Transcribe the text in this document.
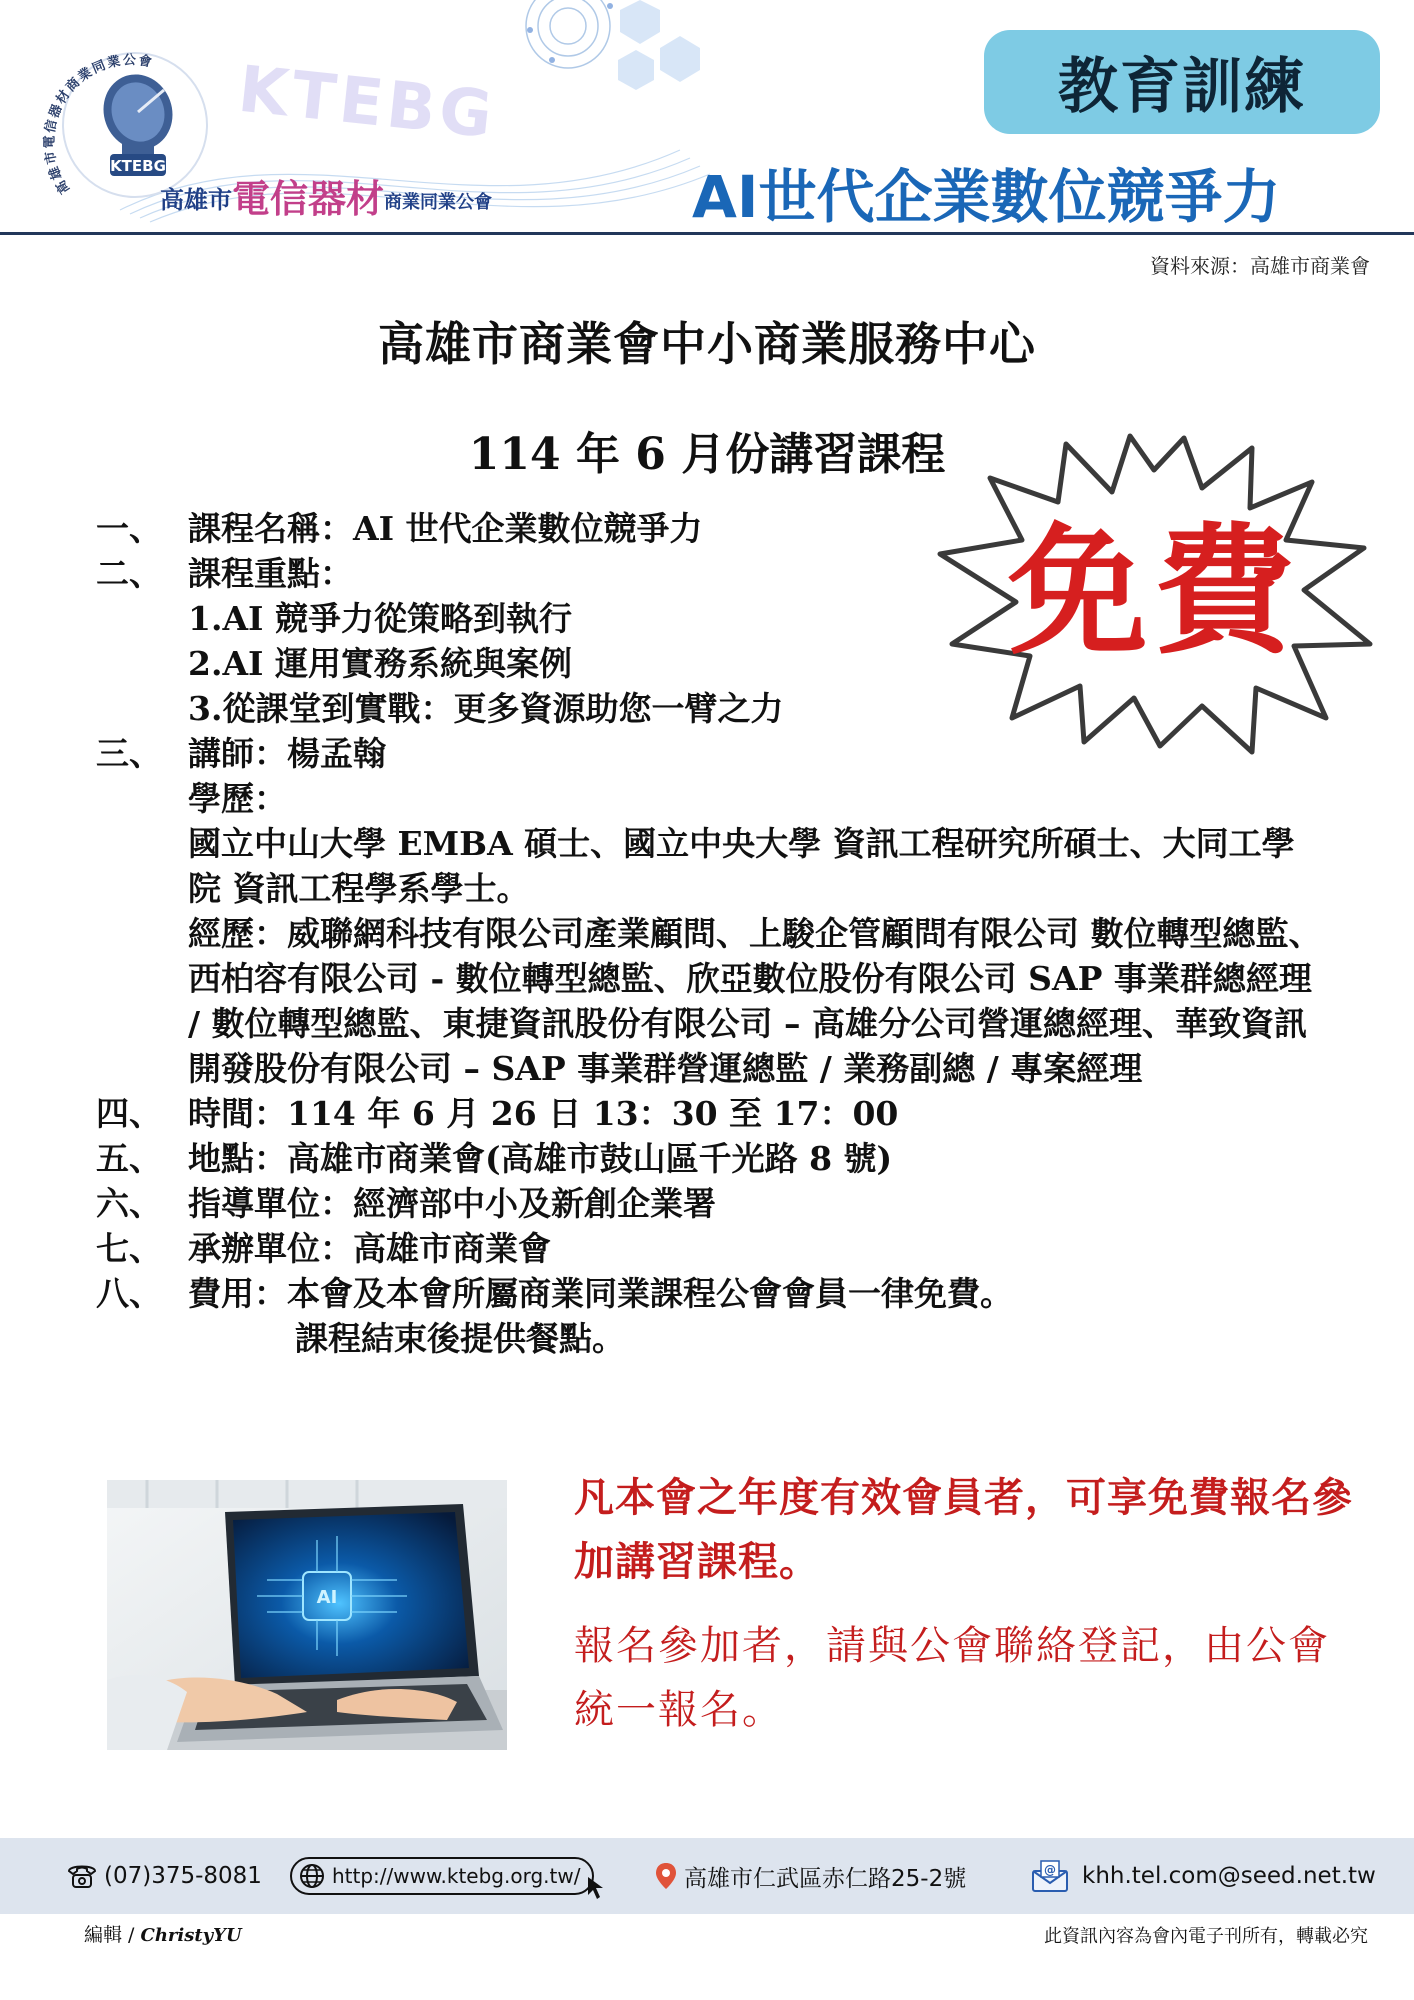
KTEBG
高雄市電信器材商業同業公會 KTEBG
高雄市電信器材商業同業公會
教育訓練
AI世代企業數位競爭力
資料來源：高雄市商業會
高雄市商業會中小商業服務中心
114 年 6 月份講習課程
免費
一、 課程名稱：AI 世代企業數位競爭力
二、 課程重點：
1.AI 競爭力從策略到執行
2.AI 運用實務系統與案例
3.從課堂到實戰：更多資源助您一臂之力
三、 講師：楊孟翰
學歷：
國立中山大學 EMBA 碩士、國立中央大學 資訊工程研究所碩士、大同工學院 資訊工程學系學士。
經歷：威聯網科技有限公司產業顧問、上駿企管顧問有限公司 數位轉型總監、西柏容有限公司 - 數位轉型總監、欣亞數位股份有限公司 SAP 事業群總經理 / 數位轉型總監、東捷資訊股份有限公司 – 高雄分公司營運總經理、華致資訊開發股份有限公司 – SAP 事業群營運總監 / 業務副總 / 專案經理
四、 時間：114 年 6 月 26 日 13：30 至 17：00
五、 地點：高雄市商業會(高雄市鼓山區千光路 8 號)
六、 指導單位：經濟部中小及新創企業署
七、 承辦單位：高雄市商業會
八、 費用：本會及本會所屬商業同業課程公會會員一律免費。
課程結束後提供餐點。
AI
凡本會之年度有效會員者，可享免費報名參加講習課程。
報名參加者，請與公會聯絡登記，由公會統一報名。
(07)375-8081	http://www.ktebg.org.tw/	高雄市仁武區赤仁路25-2號	@ khh.tel.com@seed.net.tw
編輯 / ChristyYU	此資訊內容為會內電子刊所有，轉載必究
